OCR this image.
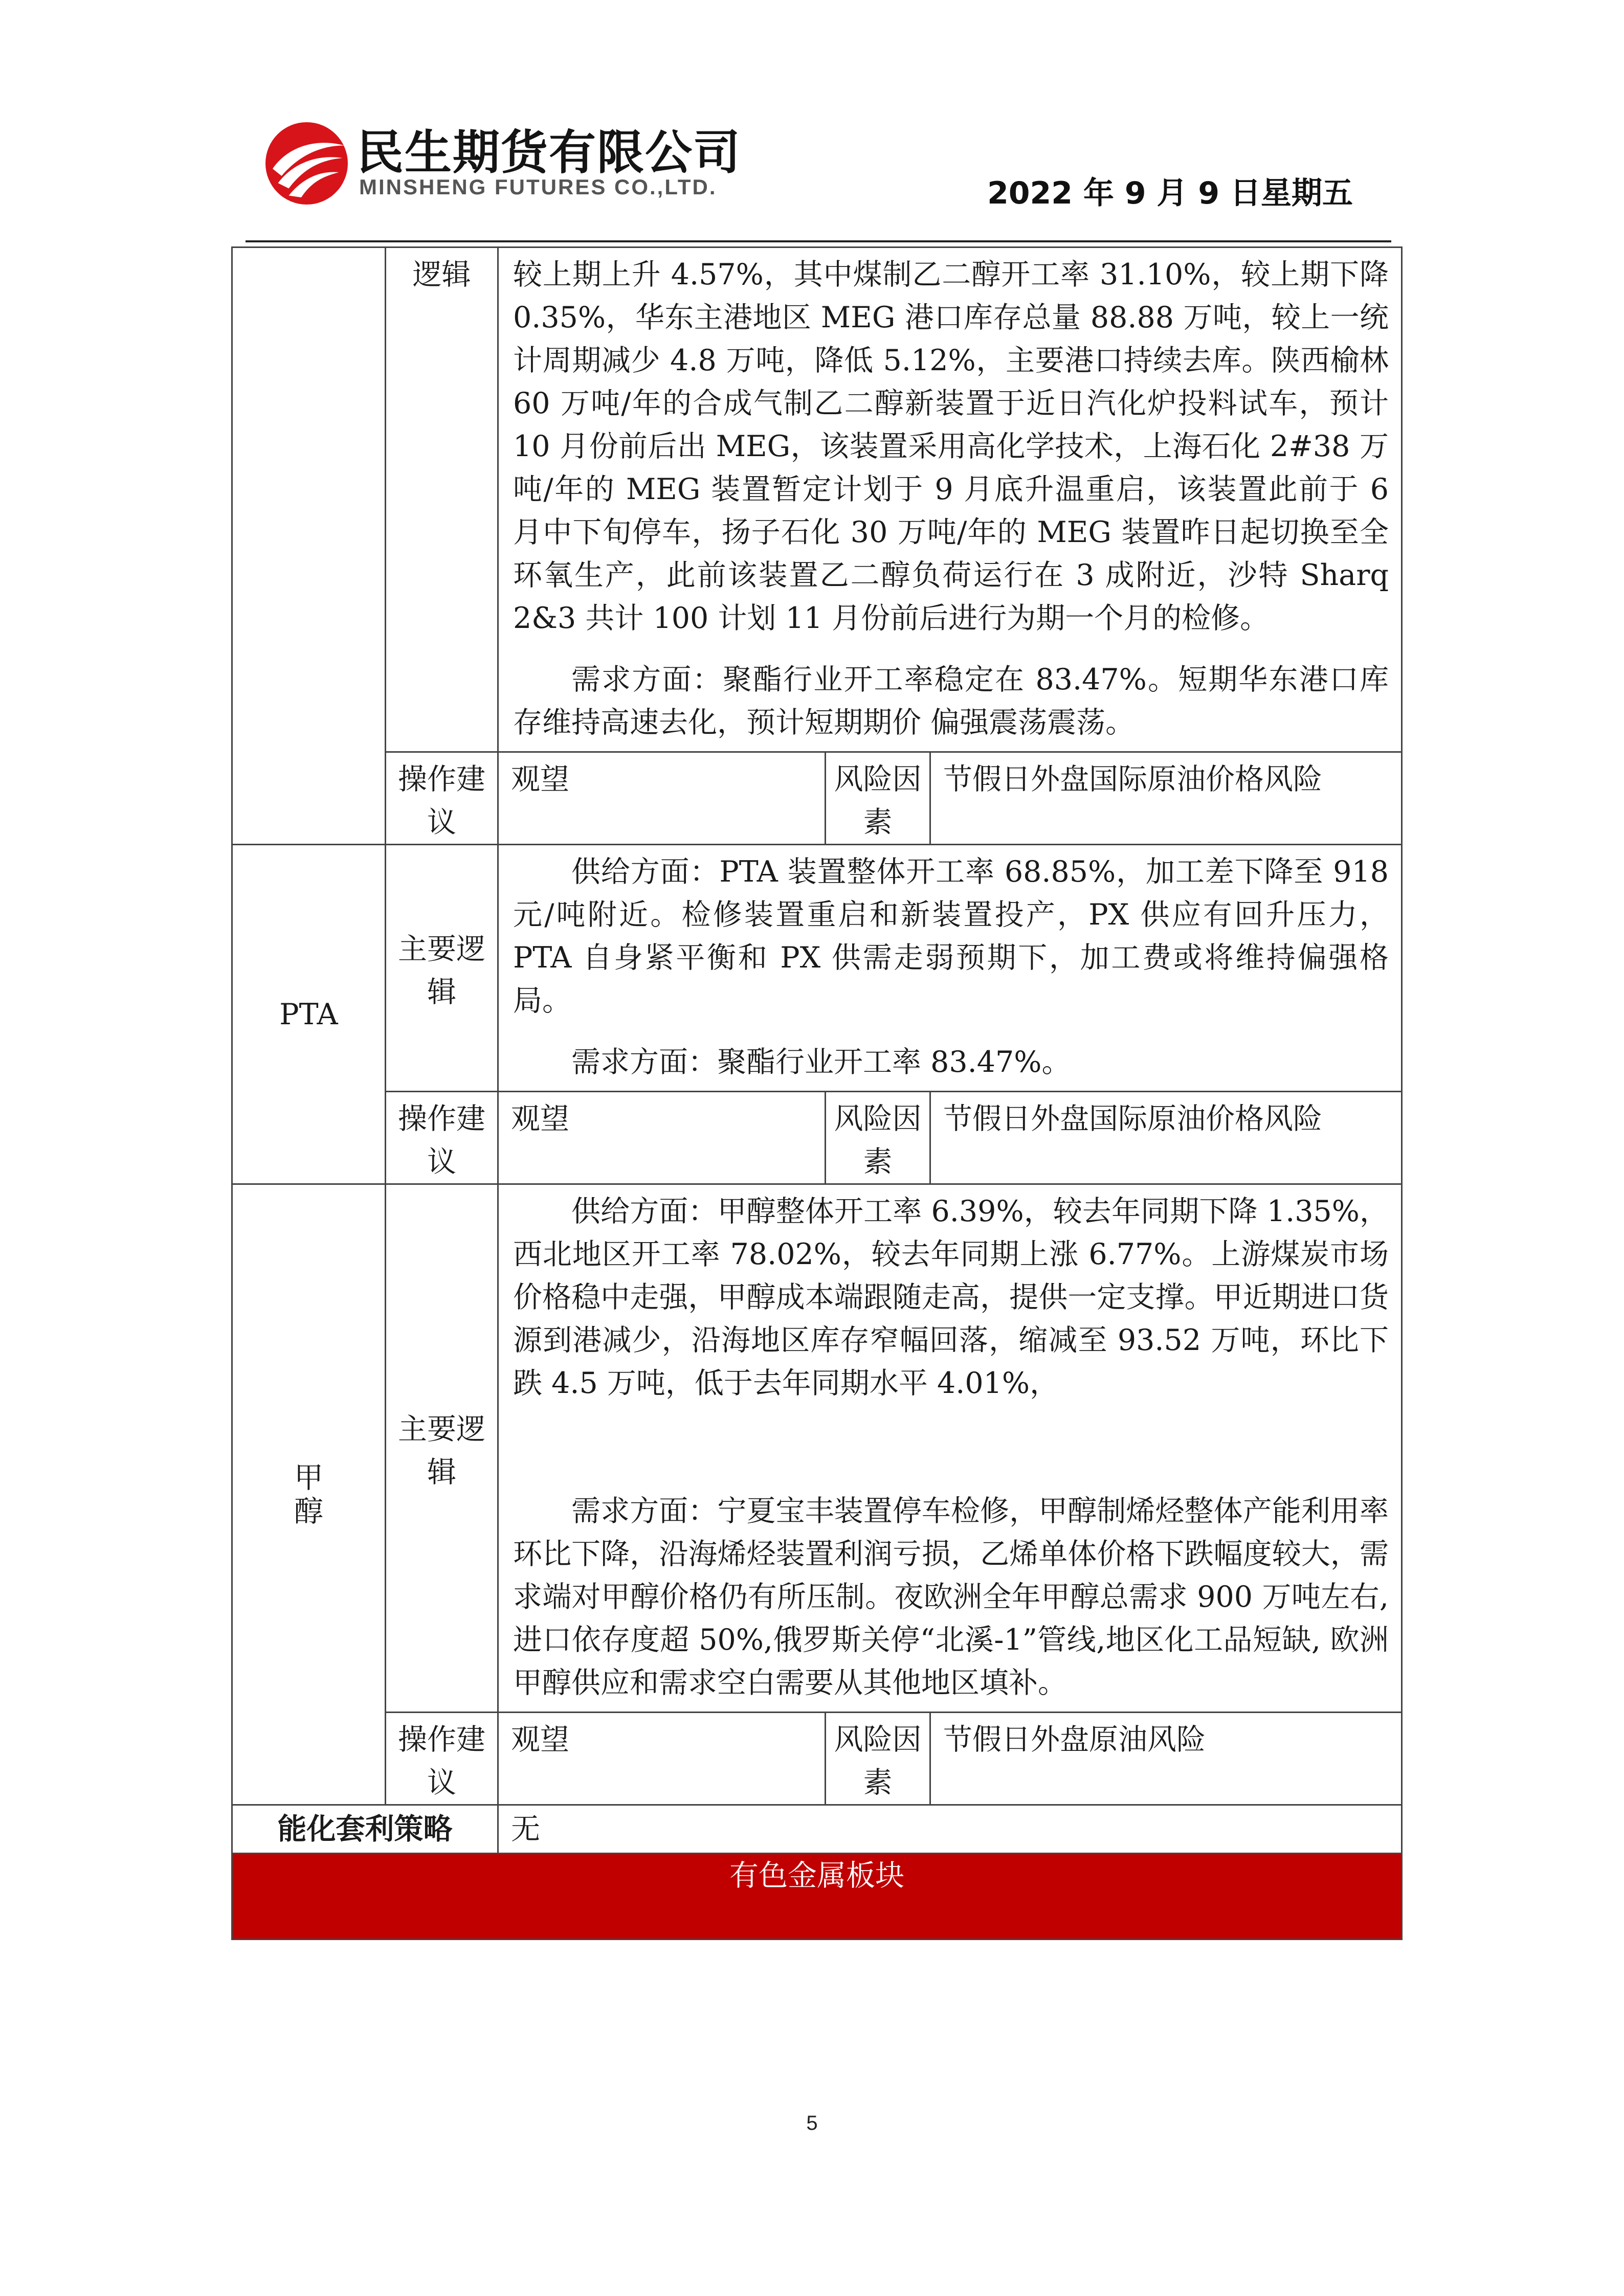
民生期货有限公司
MINSHENG FUTURES CO.,LTD.	2022 年 9 月 9 日星期五
	逻辑	较上期上升 4.57%，其中煤制乙二醇开工率 31.10%，较上期下降 0.35%，华东主港地区 MEG 港口库存总量 88.88 万吨，较上一统计周期减少 4.8 万吨，降低 5.12%，主要港口持续去库。陕西榆林 60 万吨/年的合成气制乙二醇新装置于近日汽化炉投料试车，预计 10 月份前后出 MEG，该装置采用高化学技术，上海石化 2#38 万吨/年的 MEG 装置暂定计划于 9 月底升温重启，该装置此前于 6 月中下旬停车，扬子石化 30 万吨/年的 MEG 装置昨日起切换至全环氧生产，此前该装置乙二醇负荷运行在 3 成附近，沙特 Sharq 2&3 共计 100 计划 11 月份前后进行为期一个月的检修。

需求方面：聚酯行业开工率稳定在 83.47%。短期华东港口库存维持高速去化，预计短期期价 偏强震荡震荡。		

	操作建议	观望	风险因素	节假日外盘国际原油价格风险
PTA	主要逻辑	供给方面：PTA 装置整体开工率 68.85%，加工差下降至 918 元/吨附近。检修装置重启和新装置投产，PX 供应有回升压力，PTA 自身紧平衡和 PX 供需走弱预期下，加工费或将维持偏强格局。

需求方面：聚酯行业开工率 83.47%。		

	操作建议	观望	风险因素	节假日外盘国际原油价格风险

甲醇	主要逻辑	供给方面：甲醇整体开工率 6.39%，较去年同期下降 1.35%，西北地区开工率 78.02%，较去年同期上涨 6.77%。上游煤炭市场价格稳中走强，甲醇成本端跟随走高，提供一定支撑。甲近期进口货源到港减少，沿海地区库存窄幅回落，缩减至 93.52 万吨，环比下跌 4.5 万吨，低于去年同期水平 4.01%，

需求方面：宁夏宝丰装置停车检修，甲醇制烯烃整体产能利用率环比下降，沿海烯烃装置利润亏损，乙烯单体价格下跌幅度较大，需求端对甲醇价格仍有所压制。夜欧洲全年甲醇总需求 900 万吨左右,进口依存度超 50%,俄罗斯关停“北溪-1”管线,地区化工品短缺, 欧洲甲醇供应和需求空白需要从其他地区填补。		

	操作建议	观望	风险因素	节假日外盘原油风险
能化套利策略		无		
有色金属板块				
5
